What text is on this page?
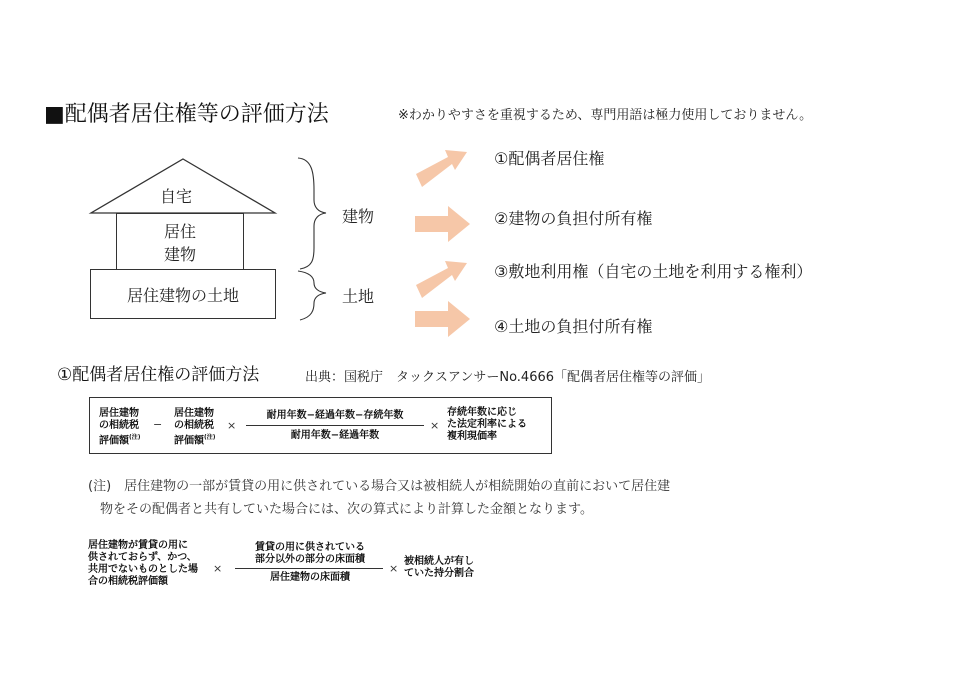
■配偶者居住権等の評価方法	※わかりやすさを重視するため、専門用語は極力使用しておりません。
自宅
居住
建物
居住建物の土地
建物
土地
①配偶者居住権
②建物の負担付所有権
③敷地利用権（自宅の土地を利用する権利）
④土地の負担付所有権
①配偶者居住権の評価方法	出典：国税庁　タックスアンサーNo.4666「配偶者居住権等の評価」
居住建物
の相続税
評価額$^{(注)}$
−
居住建物
の相続税
評価額$^{(注)}$
×
耐用年数−経過年数−存続年数
耐用年数−経過年数
×
存続年数に応じ
た法定利率による
複利現価率
(注)　居住建物の一部が賃貸の用に供されている場合又は被相続人が相続開始の直前において居住建
物をその配偶者と共有していた場合には、次の算式により計算した金額となります。
居住建物が賃貸の用に
供されておらず、かつ、
共用でないものとした場
合の相続税評価額
×
賃貸の用に供されている
部分以外の部分の床面積
居住建物の床面積
×
被相続人が有し
ていた持分割合
